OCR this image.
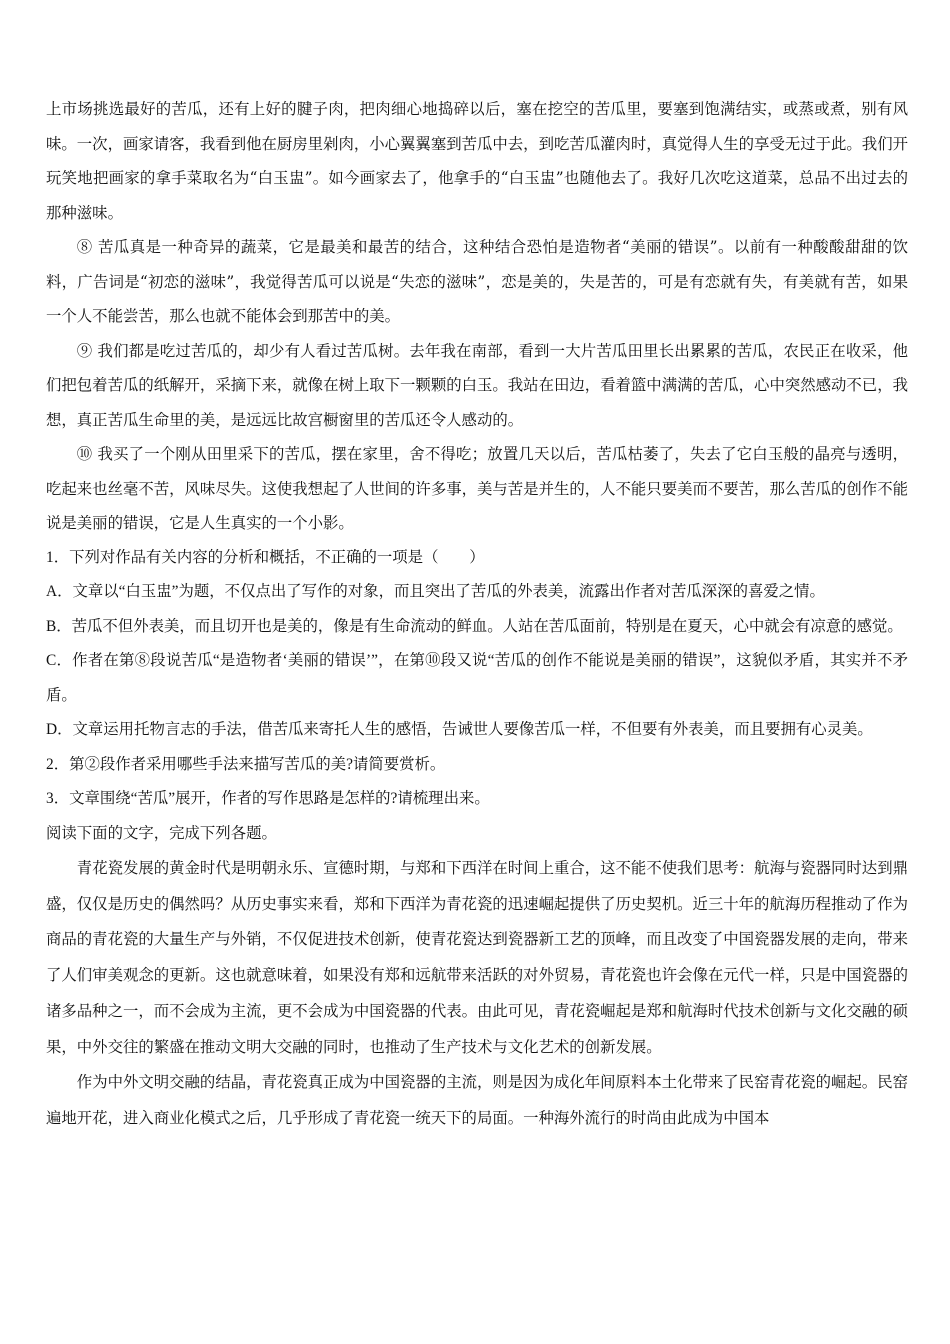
上市场挑选最好的苦瓜，还有上好的腱子肉，把肉细心地捣碎以后，塞在挖空的苦瓜里，要塞到饱满结实，或蒸或煮，别有风味。一次，画家请客，我看到他在厨房里剁肉，小心翼翼塞到苦瓜中去，到吃苦瓜灌肉时，真觉得人生的享受无过于此。我们开玩笑地把画家的拿手菜取名为“白玉盅”。如今画家去了，他拿手的“白玉盅”也随他去了。我好几次吃这道菜，总品不出过去的那种滋味。

⑧ 苦瓜真是一种奇异的蔬菜，它是最美和最苦的结合，这种结合恐怕是造物者“美丽的错误”。以前有一种酸酸甜甜的饮料，广告词是“初恋的滋味”，我觉得苦瓜可以说是“失恋的滋味”，恋是美的，失是苦的，可是有恋就有失，有美就有苦，如果一个人不能尝苦，那么也就不能体会到那苦中的美。

⑨ 我们都是吃过苦瓜的，却少有人看过苦瓜树。去年我在南部，看到一大片苦瓜田里长出累累的苦瓜，农民正在收采，他们把包着苦瓜的纸解开，采摘下来，就像在树上取下一颗颗的白玉。我站在田边，看着篮中满满的苦瓜，心中突然感动不已，我想，真正苦瓜生命里的美，是远远比故宫橱窗里的苦瓜还令人感动的。

⑩ 我买了一个刚从田里采下的苦瓜，摆在家里，舍不得吃；放置几天以后，苦瓜枯萎了，失去了它白玉般的晶亮与透明，吃起来也丝毫不苦，风味尽失。这使我想起了人世间的许多事，美与苦是并生的，人不能只要美而不要苦，那么苦瓜的创作不能说是美丽的错误，它是人生真实的一个小影。

1．下列对作品有关内容的分析和概括，不正确的一项是（　　）

A．文章以“白玉盅”为题，不仅点出了写作的对象，而且突出了苦瓜的外表美，流露出作者对苦瓜深深的喜爱之情。

B．苦瓜不但外表美，而且切开也是美的，像是有生命流动的鲜血。人站在苦瓜面前，特别是在夏天，心中就会有凉意的感觉。

C．作者在第⑧段说苦瓜“是造物者‘美丽的错误’”，在第⑩段又说“苦瓜的创作不能说是美丽的错误”，这貌似矛盾，其实并不矛盾。

D．文章运用托物言志的手法，借苦瓜来寄托人生的感悟，告诫世人要像苦瓜一样，不但要有外表美，而且要拥有心灵美。

2．第②段作者采用哪些手法来描写苦瓜的美?请简要赏析。

3．文章围绕“苦瓜”展开，作者的写作思路是怎样的?请梳理出来。

阅读下面的文字，完成下列各题。

青花瓷发展的黄金时代是明朝永乐、宣德时期，与郑和下西洋在时间上重合，这不能不使我们思考：航海与瓷器同时达到鼎盛，仅仅是历史的偶然吗？从历史事实来看，郑和下西洋为青花瓷的迅速崛起提供了历史契机。近三十年的航海历程推动了作为商品的青花瓷的大量生产与外销，不仅促进技术创新，使青花瓷达到瓷器新工艺的顶峰，而且改变了中国瓷器发展的走向，带来了人们审美观念的更新。这也就意味着，如果没有郑和远航带来活跃的对外贸易，青花瓷也许会像在元代一样，只是中国瓷器的诸多品种之一，而不会成为主流，更不会成为中国瓷器的代表。由此可见，青花瓷崛起是郑和航海时代技术创新与文化交融的硕果，中外交往的繁盛在推动文明大交融的同时，也推动了生产技术与文化艺术的创新发展。

作为中外文明交融的结晶，青花瓷真正成为中国瓷器的主流，则是因为成化年间原料本土化带来了民窑青花瓷的崛起。民窑遍地开花，进入商业化模式之后，几乎形成了青花瓷一统天下的局面。一种海外流行的时尚由此成为中国本
